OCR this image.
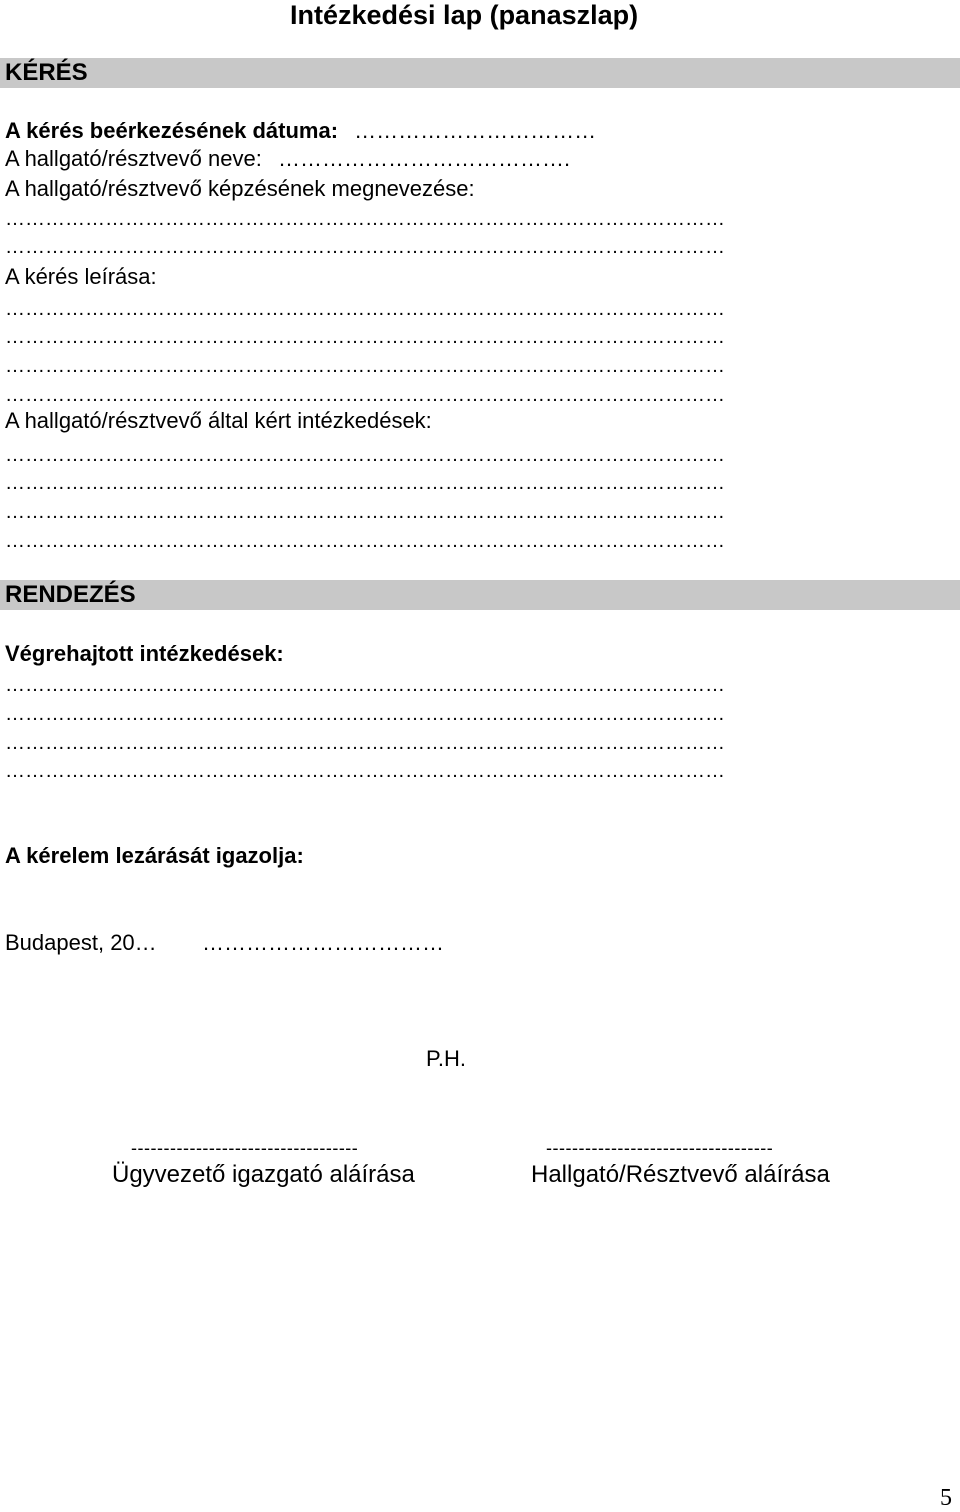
Intézkedési lap (panaszlap)
KÉRÉS
A kérés beérkezésének dátuma: ……………………………
A hallgató/résztvevő neve: ………………………………….
A hallgató/résztvevő képzésének megnevezése:
………………………………………………………………………………………………
………………………………………………………………………………………………
A kérés leírása:
………………………………………………………………………………………………
………………………………………………………………………………………………
………………………………………………………………………………………………
………………………………………………………………………………………………
A hallgató/résztvevő által kért intézkedések:
………………………………………………………………………………………………
………………………………………………………………………………………………
………………………………………………………………………………………………
………………………………………………………………………………………………
RENDEZÉS
Végrehajtott intézkedések:
………………………………………………………………………………………………
………………………………………………………………………………………………
………………………………………………………………………………………………
………………………………………………………………………………………………
A kérelem lezárását igazolja:
Budapest, 20… ……………………………
P.H.
-----------------------------------	-----------------------------------
Ügyvezető igazgató aláírása	Hallgató/Résztvevő aláírása
5
